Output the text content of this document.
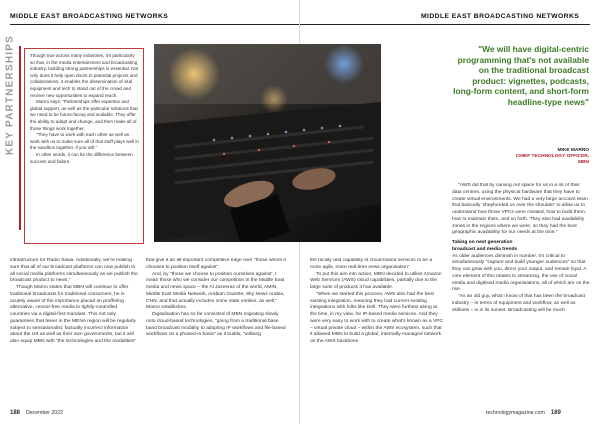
MIDDLE EAST BROADCASTING NETWORKS
KEY PARTNERSHIPS	Though true across many industries, it's particularly so that, in the media entertainment and broadcasting industry, building strong partnerships is essential. Not only does it help open doors to potential projects and collaborations, it enables the dissemination of vital equipment and tech to stand out of the crowd and receive new opportunities to expand reach.

Marno says: "Partnerships offer expertise and global support, as well as the particular solutions that we need to be future-facing and scalable. They offer the ability to adapt and change, and then make all of those things work together.

"They have to work with each other as well as work with us to make sure all of that stuff plays well in the sandbox together, if you will."

In other words, it can be the difference between success and failure.

infrastructure for Radio Sawa. Additionally, we're making sure that all of our broadcast platforms can now publish to all social media platforms simultaneously as we publish the broadcast product to news."

Though Marno states that MBN will continue to offer traditional broadcasts for traditional consumers, he is acutely aware of the importance placed on proffering alternative, censor-free media to tightly-controlled countries via a digital-first mandate. This not only guarantees that fewer in the MENA region will be regularly subject to sensationalist, factually incorrect information about the US as well as their own governments, but it will also equip MBN with "the technologies and the modalities"

that give it an all-important competitive edge over "those whom it chooses to position itself against".

And, by "those we choose to position ourselves against', I mean those who we consider our competition in the Middle East media and news space – the Al Jazeeras of the world, AMIN, Middle East Media Network, Arabian Gazette, Sky News Arabia, CNN, and that actually includes some state entities, as well," Marno establishes.

Digitalisation has so far consisted of MBN migrating slowly onto cloud-based technologies, "going from a traditional base band broadcast modality to adopting IP workflows and file-based workflows on a phased-in basis" as it builds, "utilising

188 December 2022
MIDDLE EAST BROADCASTING NETWORKS

the facility and capability of cloud-based services to be a more agile, more real-time news organisation".

To put this aim into action, MBN decided to utilise Amazon Web Services (AWS) cloud capabilities, partially due to the large suite of products it has available.

"When we started this process, AWS also had the best existing integration, meaning they had current existing integrations with folks like Dell. They were furthest along at the time, in my view, for IP-based media services. And they were very easy to work with to create what's known as a VPC – virtual private cloud – within the AWS ecosystem, such that it allowed MBN to build a global, internally-managed network on the AWS backbone.

"AWS did that by carving out space for us in a lot of their data centres, using the physical hardware that they have to create virtual environments. We had a very large account team that basically 'shepherded us over the shoulder' to allow us to understand how those VPCs were created, how to build them, how to maintain them, and so forth. They also had availability zones in the regions where we were, so they had the best geographic availability for our needs at the time."

Taking on next generation
broadcast and media trends

As older audiences diminish in number, it's critical to simultaneously "capture and build younger audiences" so that they can grow with you, direct your output, and remain loyal. A core element of this relates to streaming, the use of social media and digitised media organisations, all of which are on the rise.

"As an old guy, what I know of that has been the broadcast industry – in terms of equipment and workflow, as well as skillsets – is in its sunset. Broadcasting will be much

technologymagazine.com 189
"We will have digital-centric programming that's not available on the traditional broadcast product: vignettes, podcasts, long-form content, and short-form headline-type news"
MIKE MARNO
CHIEF TECHNOLOGY OFFICER,
MBN
